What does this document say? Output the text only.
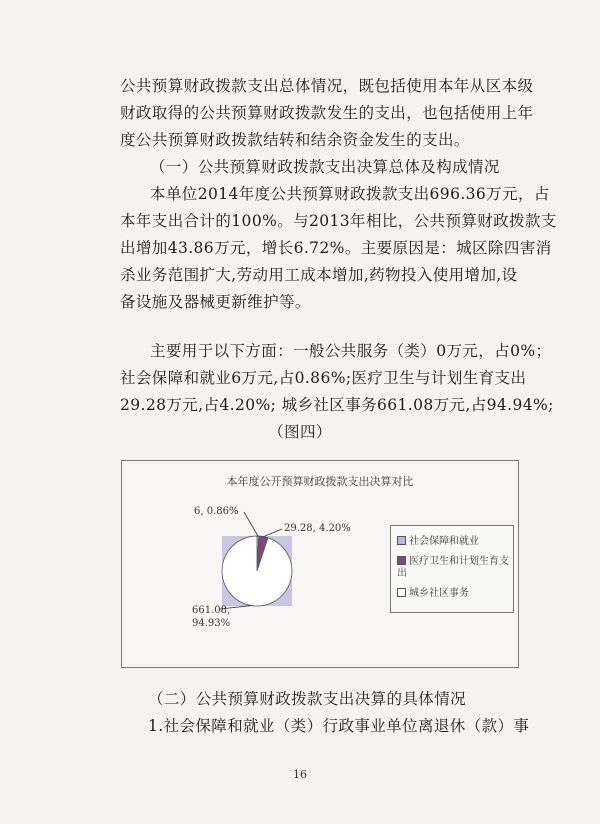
公共预算财政拨款支出总体情况，既包括使用本年从区本级
财政取得的公共预算财政拨款发生的支出，也包括使用上年
度公共预算财政拨款结转和结余资金发生的支出。
（一）公共预算财政拨款支出决算总体及构成情况
本单位2014年度公共预算财政拨款支出696.36万元，占
本年支出合计的100%。与2013年相比，公共预算财政拨款支
出增加43.86万元，增长6.72%。主要原因是：城区除四害消
杀业务范围扩大,劳动用工成本增加,药物投入使用增加,设
备设施及器械更新维护等。
主要用于以下方面：一般公共服务（类）0万元，占0%；
社会保障和就业6万元,占0.86%;医疗卫生与计划生育支出
29.28万元,占4.20%; 城乡社区事务661.08万元,占94.94%;
（图四）
本年度公开预算财政拨款支出决算对比
6, 0.86%
29.28, 4.20%
661.08, 94.93%
社会保障和就业
医疗卫生和计划生育支出
城乡社区事务
（二）公共预算财政拨款支出决算的具体情况
1.社会保障和就业（类）行政事业单位离退休（款）事
16
